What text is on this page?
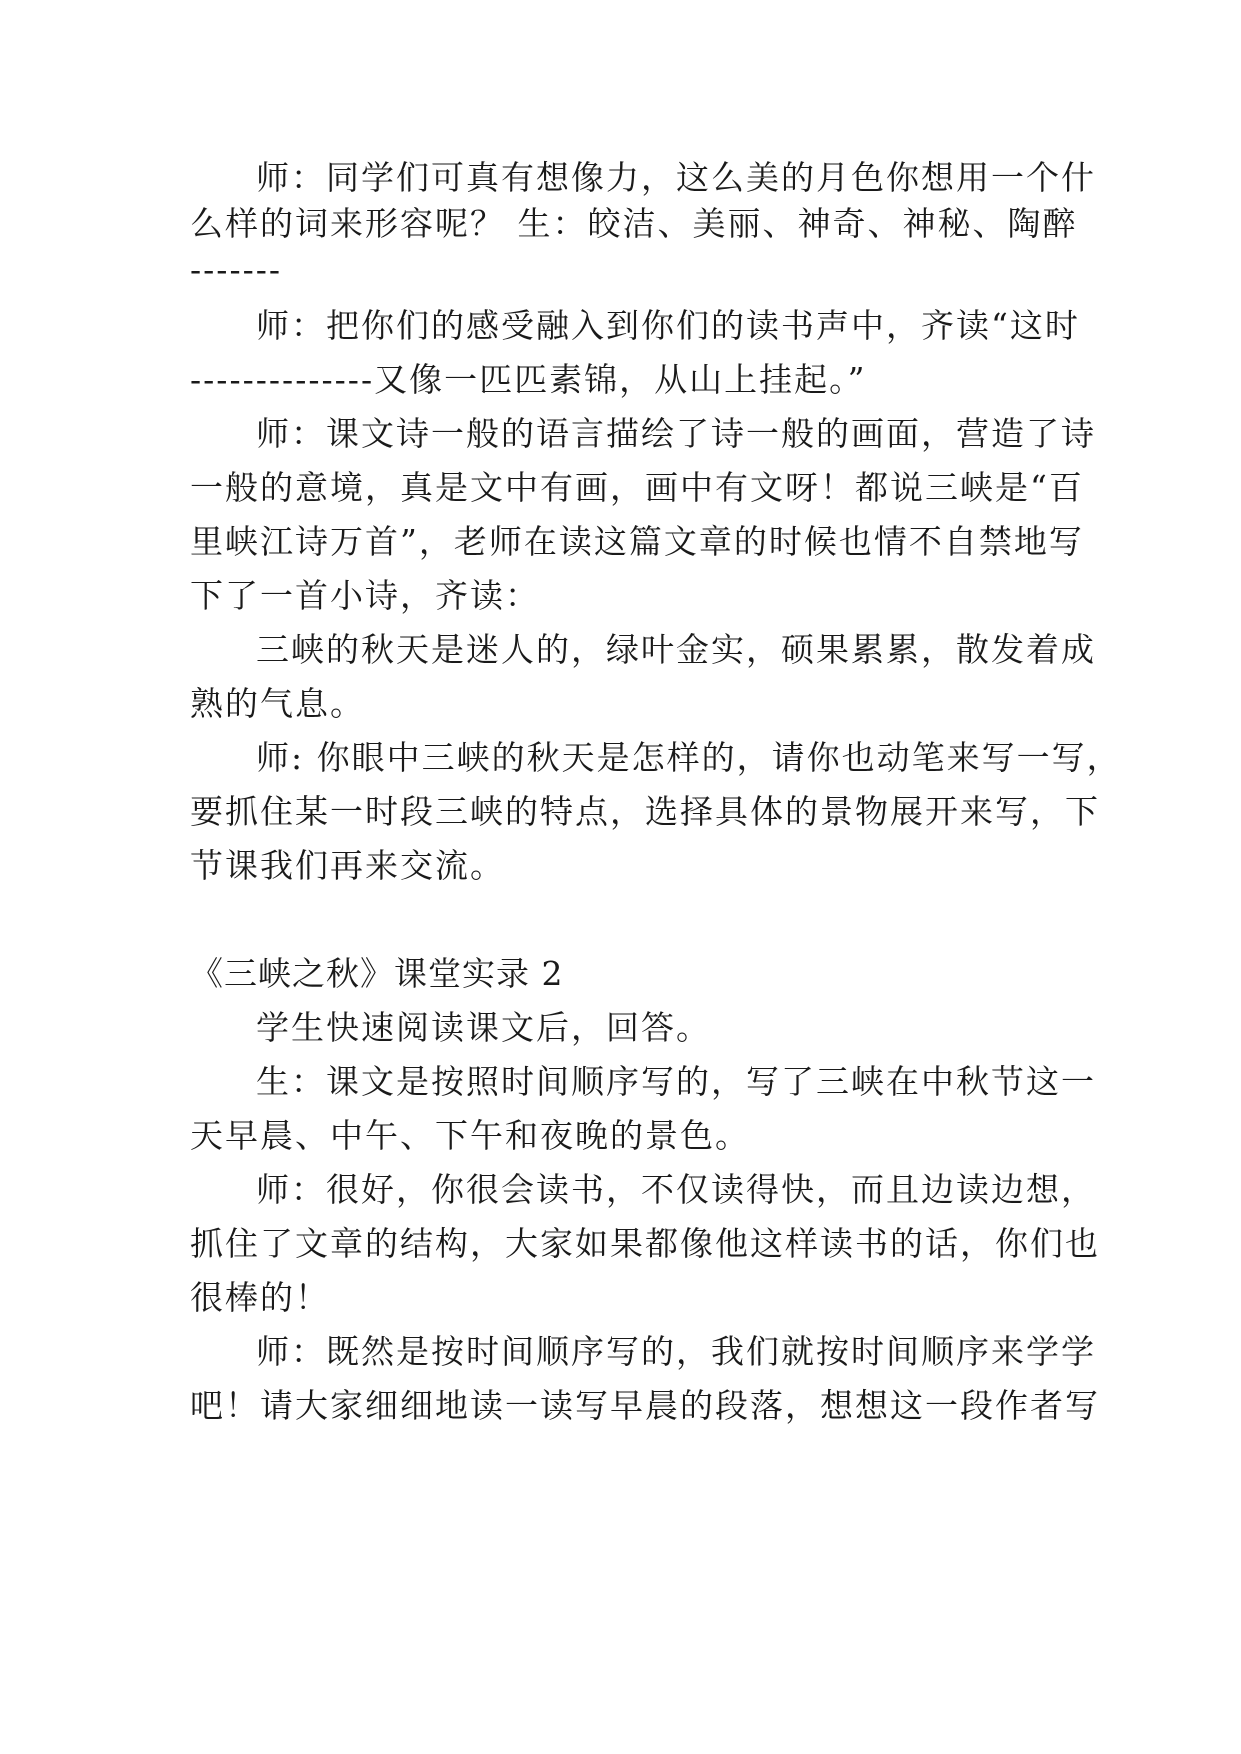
师：同学们可真有想像力，这么美的月色你想用一个什
么样的词来形容呢？ 生：皎洁、美丽、神奇、神秘、陶醉
-------
师：把你们的感受融入到你们的读书声中，齐读“这时
--------------又像一匹匹素锦，从山上挂起。”
师：课文诗一般的语言描绘了诗一般的画面，营造了诗
一般的意境，真是文中有画，画中有文呀！都说三峡是“百
里峡江诗万首”，老师在读这篇文章的时候也情不自禁地写
下了一首小诗，齐读：
三峡的秋天是迷人的，绿叶金实，硕果累累，散发着成
熟的气息。
师: 你眼中三峡的秋天是怎样的，请你也动笔来写一写，
要抓住某一时段三峡的特点，选择具体的景物展开来写，下
节课我们再来交流。
《三峡之秋》课堂实录 2
学生快速阅读课文后，回答。
生：课文是按照时间顺序写的，写了三峡在中秋节这一
天早晨、中午、下午和夜晚的景色。
师：很好，你很会读书，不仅读得快，而且边读边想，
抓住了文章的结构，大家如果都像他这样读书的话，你们也
很棒的！
师：既然是按时间顺序写的，我们就按时间顺序来学学
吧！请大家细细地读一读写早晨的段落，想想这一段作者写
